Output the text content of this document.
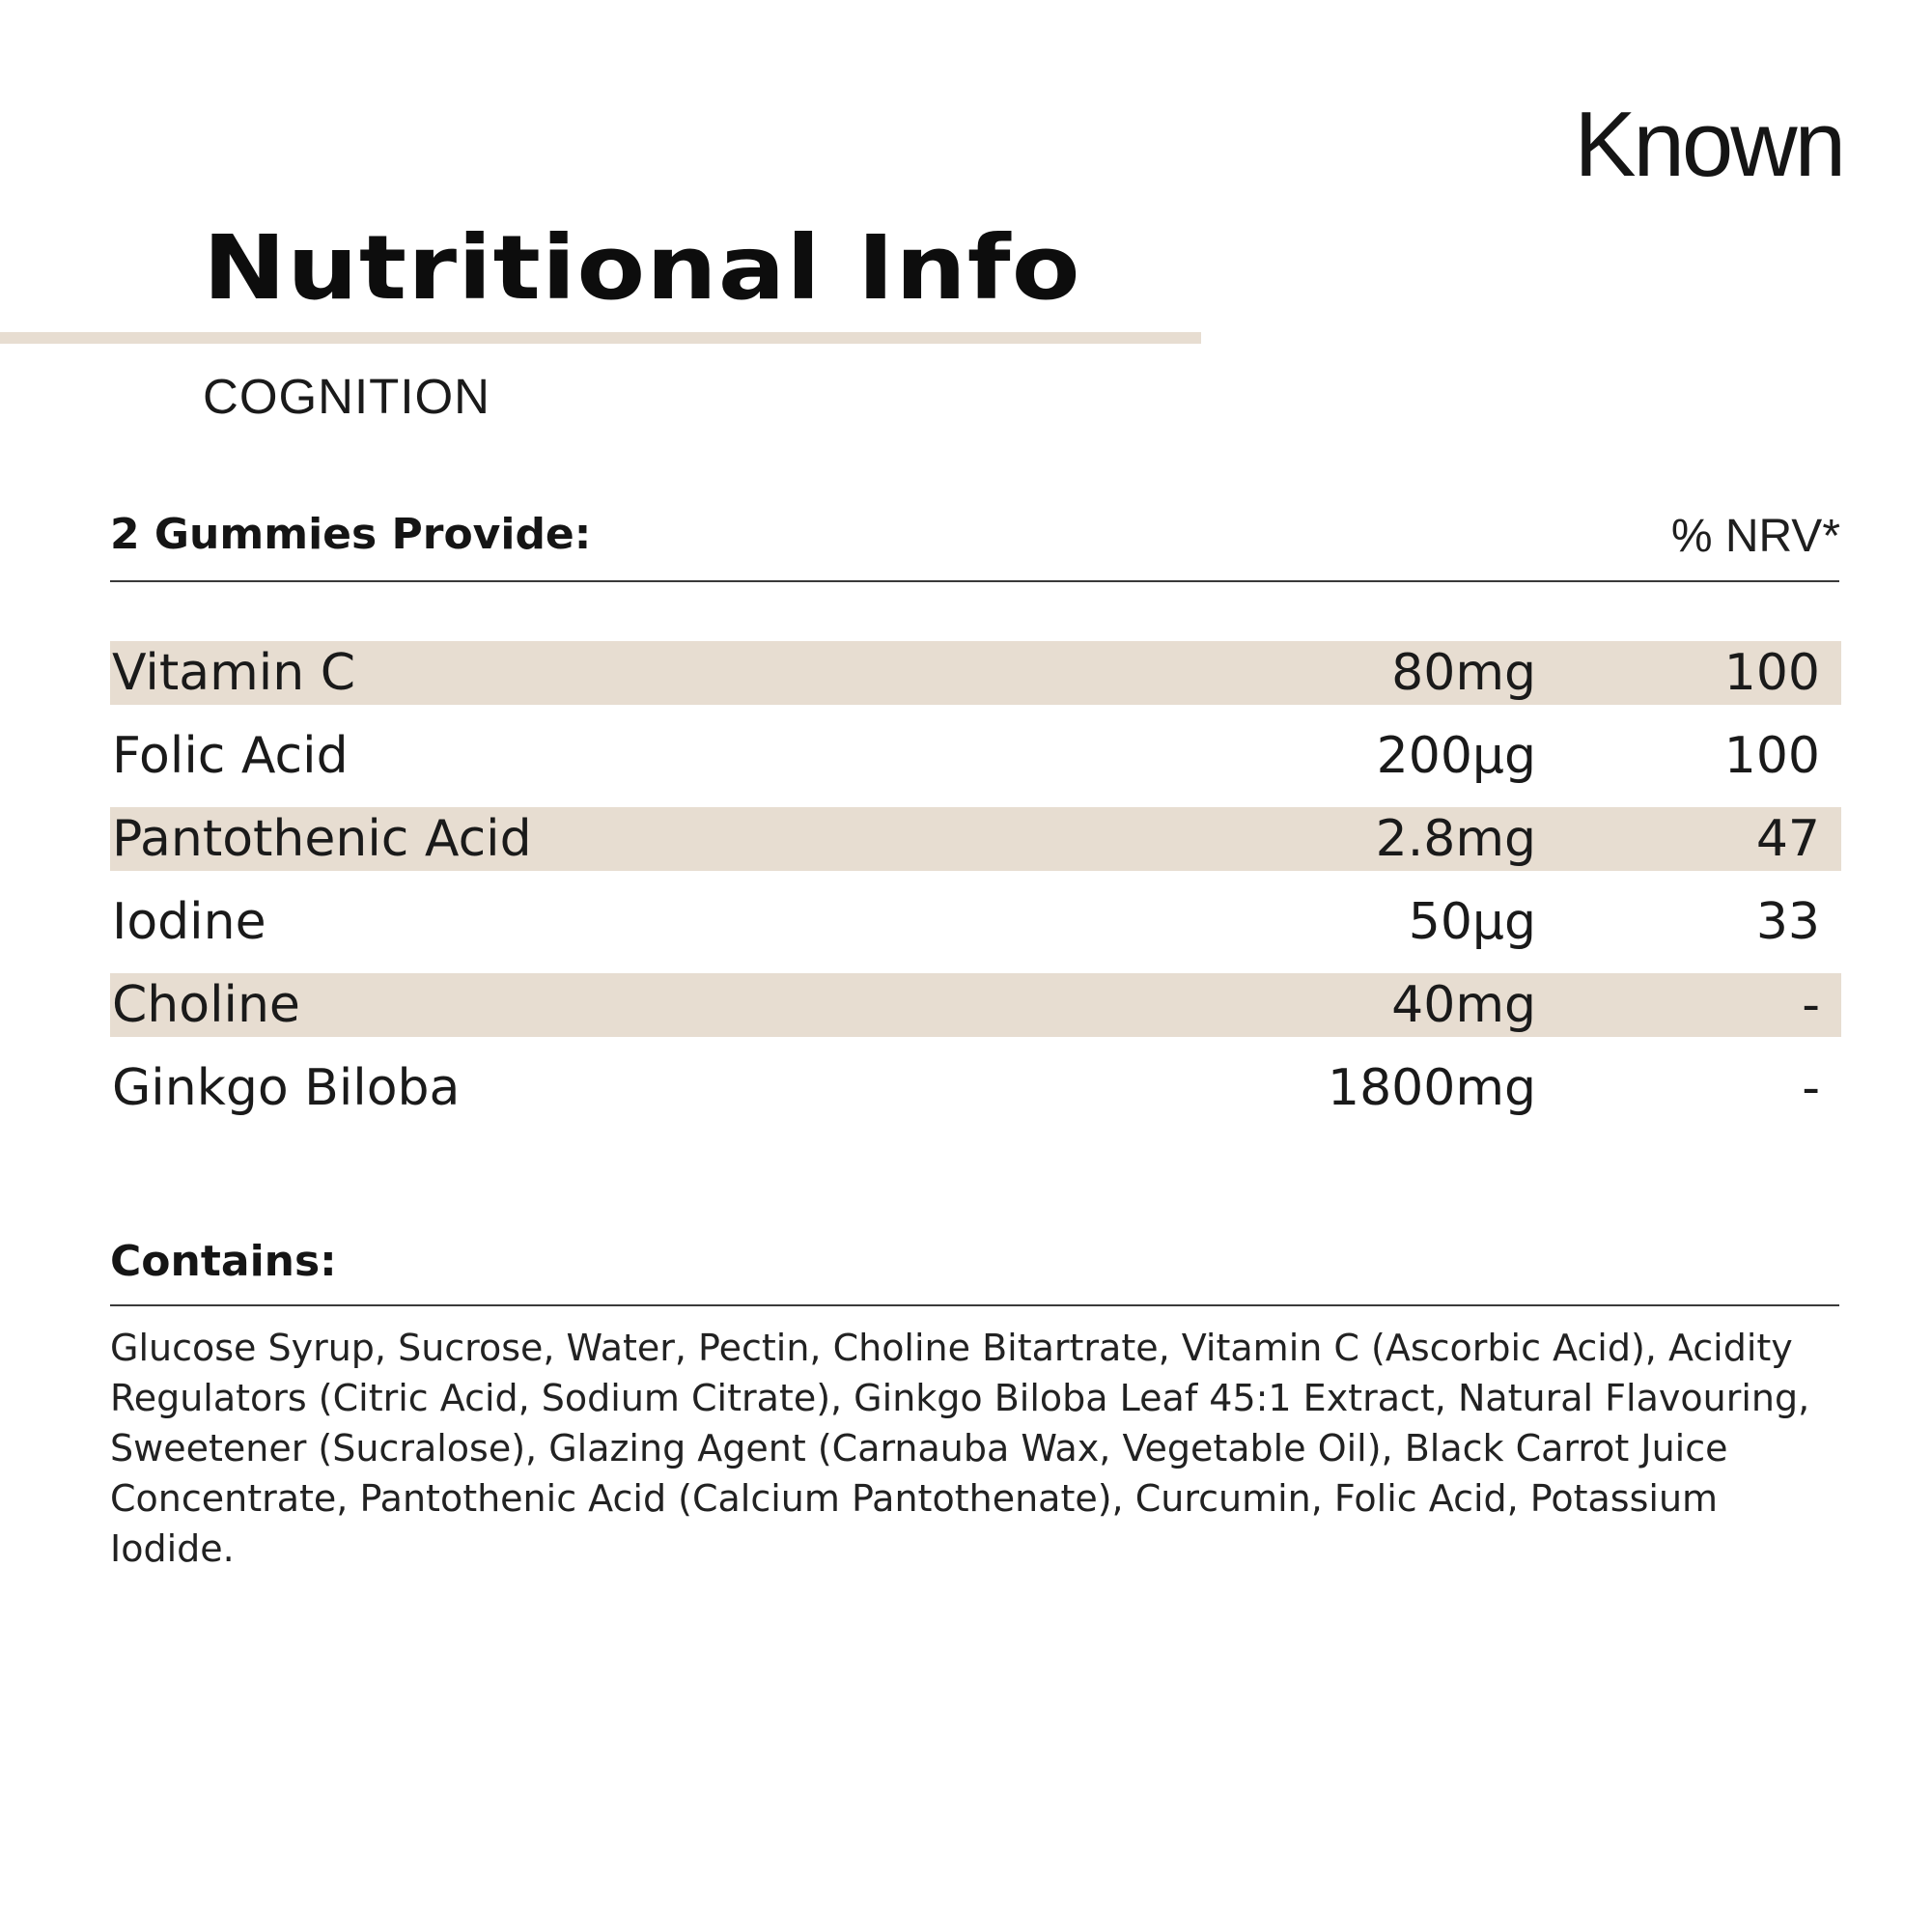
Known
Nutritional Info
COGNITION
2 Gummies Provide:	% NRV*
Vitamin C	80mg	100
Folic Acid	200µg	100
Pantothenic Acid	2.8mg	47
Iodine	50µg	33
Choline	40mg	-
Ginkgo Biloba	1800mg	-
Contains:
Glucose Syrup, Sucrose, Water, Pectin, Choline Bitartrate, Vitamin C (Ascorbic Acid), Acidity Regulators (Citric Acid, Sodium Citrate), Ginkgo Biloba Leaf 45:1 Extract, Natural Flavouring, Sweetener (Sucralose), Glazing Agent (Carnauba Wax, Vegetable Oil), Black Carrot Juice Concentrate, Pantothenic Acid (Calcium Pantothenate), Curcumin, Folic Acid, Potassium Iodide.
